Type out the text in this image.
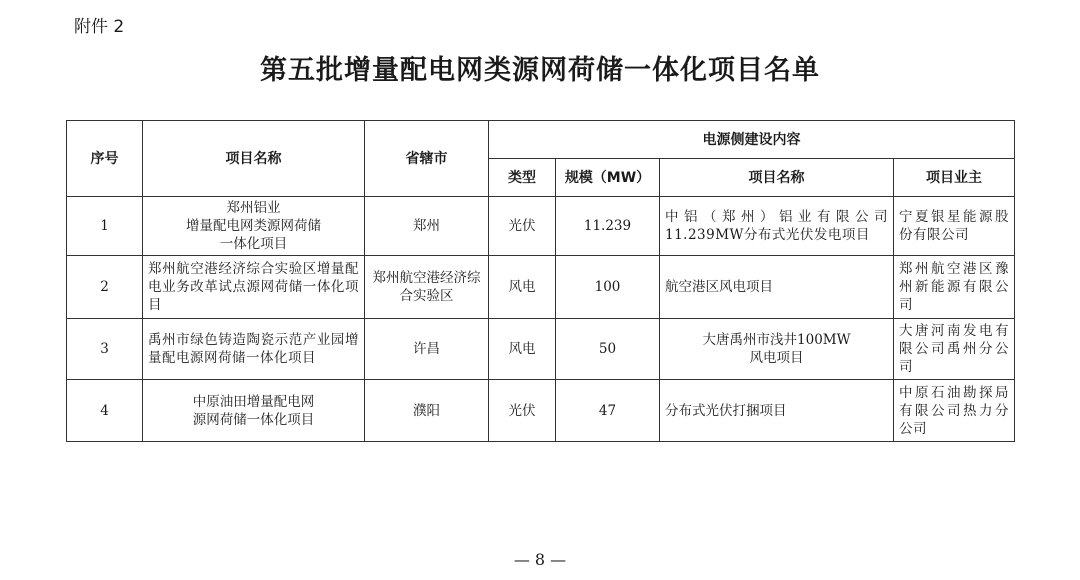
附件 2
第五批增量配电网类源网荷储一体化项目名单
序号	项目名称	省辖市	电源侧建设内容			
			类型	规模（MW）	项目名称	项目业主
1	郑州铝业
增量配电网类源网荷储
一体化项目	郑州	光伏	11.239	中铝（郑州）铝业有限公司11.239MW分布式光伏发电项目	宁夏银星能源股份有限公司
2	郑州航空港经济综合实验区增量配电业务改革试点源网荷储一体化项目	郑州航空港经济综合实验区	风电	100	航空港区风电项目	郑州航空港区豫州新能源有限公司
3	禹州市绿色铸造陶瓷示范产业园增量配电源网荷储一体化项目	许昌	风电	50	大唐禹州市浅井100MW
风电项目	大唐河南发电有限公司禹州分公司
4	中原油田增量配电网
源网荷储一体化项目	濮阳	光伏	47	分布式光伏打捆项目	中原石油勘探局有限公司热力分公司
— 8 —
